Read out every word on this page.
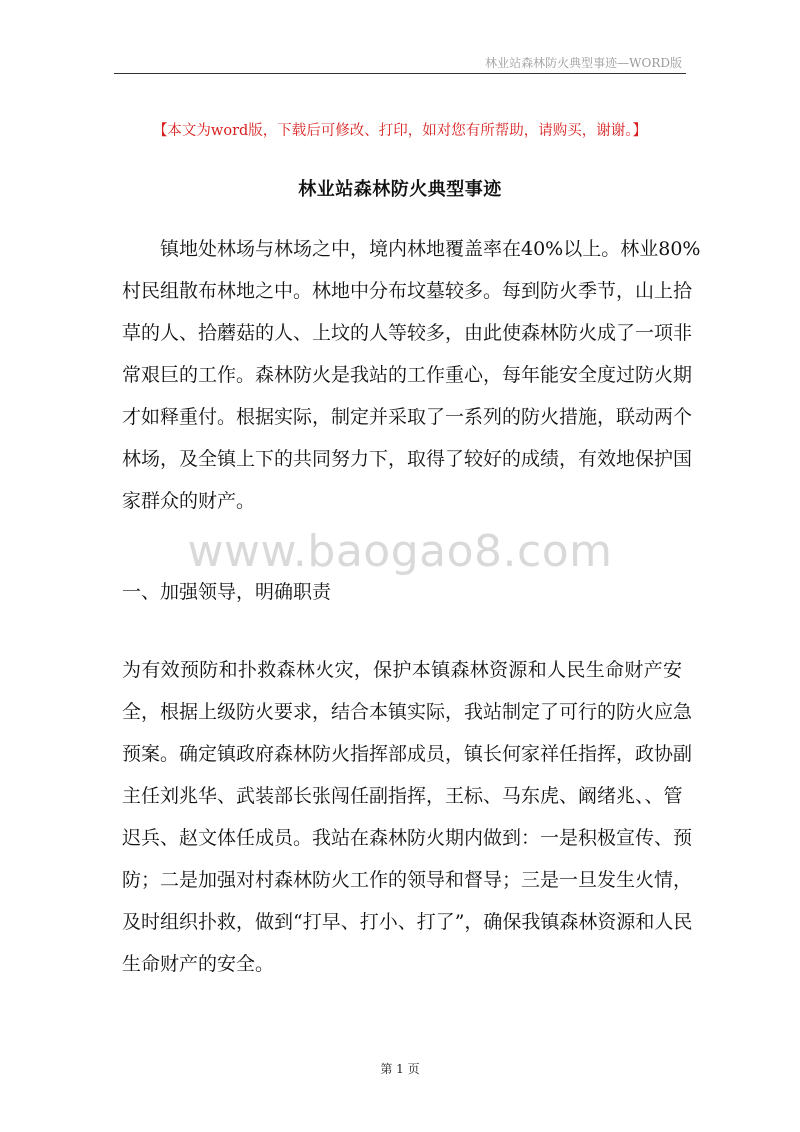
林业站森林防火典型事迹—WORD版
【本文为word版，下载后可修改、打印，如对您有所帮助，请购买，谢谢。】
林业站森林防火典型事迹
镇地处林场与林场之中，境内林地覆盖率在40%以上。林业80%
村民组散布林地之中。林地中分布坟墓较多。每到防火季节，山上拾
草的人、拾蘑菇的人、上坟的人等较多，由此使森林防火成了一项非
常艰巨的工作。森林防火是我站的工作重心，每年能安全度过防火期
才如释重付。根据实际，制定并采取了一系列的防火措施，联动两个
林场，及全镇上下的共同努力下，取得了较好的成绩，有效地保护国
家群众的财产。
www.baogao8.com
一、加强领导，明确职责
为有效预防和扑救森林火灾，保护本镇森林资源和人民生命财产安
全，根据上级防火要求，结合本镇实际，我站制定了可行的防火应急
预案。确定镇政府森林防火指挥部成员，镇长何家祥任指挥，政协副
主任刘兆华、武装部长张闯任副指挥，王标、马东虎、阚绪兆、、管
迟兵、赵文体任成员。我站在森林防火期内做到：一是积极宣传、预
防；二是加强对村森林防火工作的领导和督导；三是一旦发生火情，
及时组织扑救，做到“打早、打小、打了”，确保我镇森林资源和人民
生命财产的安全。
第 1 页
